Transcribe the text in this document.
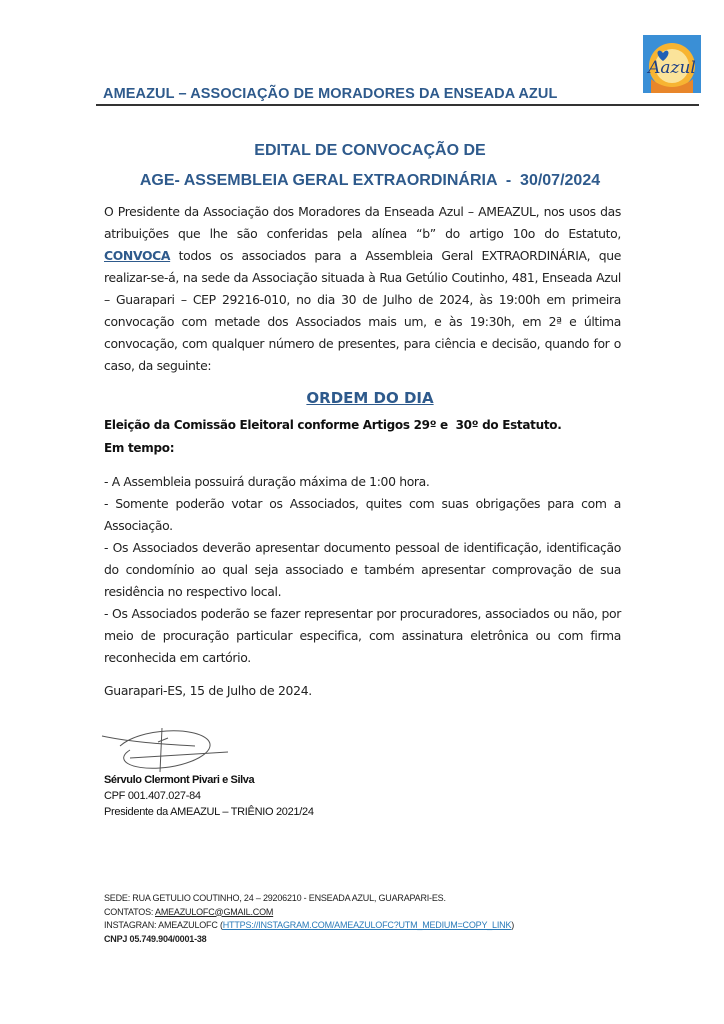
Aazul
AMEAZUL – ASSOCIAÇÃO DE MORADORES DA ENSEADA AZUL
EDITAL DE CONVOCAÇÃO DE
AGE- ASSEMBLEIA GERAL EXTRAORDINÁRIA  -  30/07/2024
O Presidente da Associação dos Moradores da Enseada Azul – AMEAZUL, nos usos das atribuições que lhe são conferidas pela alínea “b” do artigo 10o do Estatuto, CONVOCA todos os associados para a Assembleia Geral EXTRAORDINÁRIA, que realizar-se-á, na sede da Associação situada à Rua Getúlio Coutinho, 481, Enseada Azul – Guarapari – CEP 29216-010, no dia 30 de Julho de 2024, às 19:00h em primeira convocação com metade dos Associados mais um, e às 19:30h, em 2ª e última convocação, com qualquer número de presentes, para ciência e decisão, quando for o caso, da seguinte:
ORDEM DO DIA
Eleição da Comissão Eleitoral conforme Artigos 29º e  30º do Estatuto.
Em tempo:

- A Assembleia possuirá duração máxima de 1:00 hora.

- Somente poderão votar os Associados, quites com suas obrigações para com a Associação.

- Os Associados deverão apresentar documento pessoal de identificação, identificação do condomínio ao qual seja associado e também apresentar comprovação de sua residência no respectivo local.

- Os Associados poderão se fazer representar por procuradores, associados ou não, por meio de procuração particular especifica, com assinatura eletrônica ou com firma reconhecida em cartório.

Guarapari-ES, 15 de Julho de 2024.
Sérvulo Clermont Pivari e Silva
CPF 001.407.027-84
Presidente da AMEAZUL – TRIÊNIO 2021/24
SEDE: RUA GETULIO COUTINHO, 24 – 29206210 - ENSEADA AZUL, GUARAPARI-ES.
CONTATOS: AMEAZULOFC@GMAIL.COM
INSTAGRAN: AMEAZULOFC (HTTPS://INSTAGRAM.COM/AMEAZULOFC?UTM_MEDIUM=COPY_LINK)
CNPJ 05.749.904/0001-38
